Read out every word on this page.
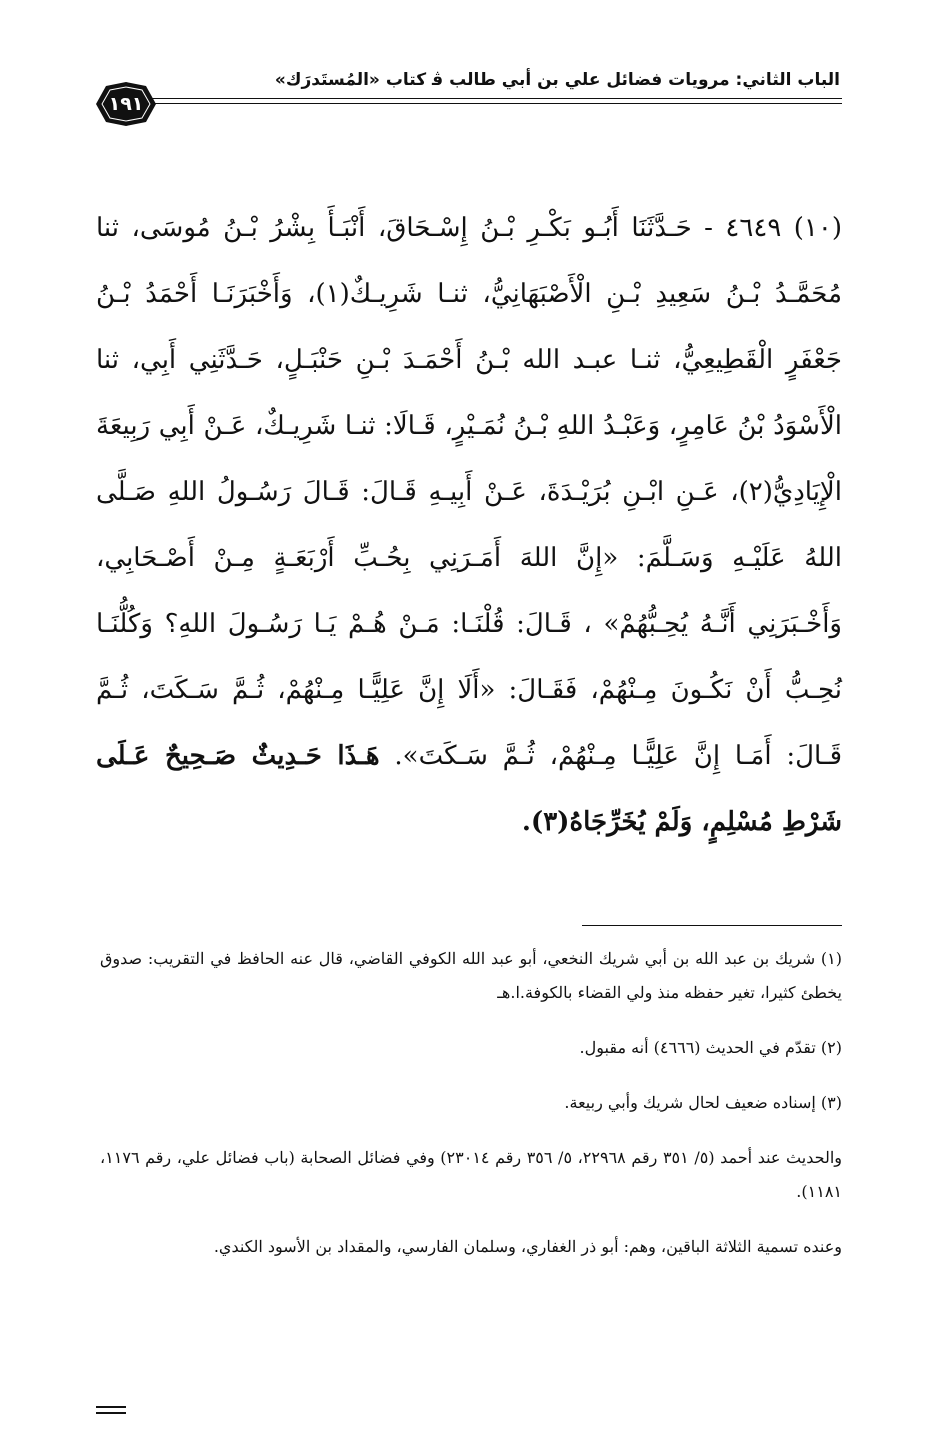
الباب الثاني: مرويات فضائل علي بن أبي طالب ﭬ كتاب «المُستَدرَك»
١٩١
(١٠) ٤٦٤٩ - حَـدَّثَنَا أَبُـو بَكْـرِ بْـنُ إِسْـحَاقَ، أَنْبَـأَ بِشْرُ بْـنُ مُوسَى، ثنا مُحَمَّـدُ بْـنُ سَعِيدِ بْـنِ الْأَصْبَهَانِيُّ، ثنـا شَرِيـكٌ(١)، وَأَخْبَرَنَـا أَحْمَدُ بْـنُ جَعْفَرٍ الْقَطِيعِيُّ، ثنـا عبـد الله بْـنُ أَحْمَـدَ بْـنِ حَنْبَـلٍ، حَـدَّثَنِي أَبِي، ثنا الْأَسْوَدُ بْنُ عَامِرٍ، وَعَبْـدُ اللهِ بْـنُ نُمَـيْرٍ، قَـالَا: ثنـا شَرِيـكٌ، عَـنْ أَبِي رَبِيعَةَ الْإِيَادِيُّ(٢)، عَـنِ ابْـنِ بُرَيْـدَةَ، عَـنْ أَبِيـهِ قَـالَ: قَـالَ رَسُـولُ اللهِ صَـلَّى اللهُ عَلَيْـهِ وَسَـلَّمَ: «إِنَّ اللهَ أَمَـرَنِي بِحُـبِّ أَرْبَعَـةٍ مِـنْ أَصْـحَابِي، وَأَخْـبَرَنِي أَنَّـهُ يُحِـبُّهُمْ» ، قَـالَ: قُلْنَـا: مَـنْ هُـمْ يَـا رَسُـولَ اللهِ؟ وَكُلُّنَـا نُحِـبُّ أَنْ نَكُـونَ مِـنْهُمْ، فَقَـالَ: «أَلَا إِنَّ عَلِيًّـا مِـنْهُمْ، ثُـمَّ سَـكَتَ، ثُـمَّ قَـالَ: أَمَـا إِنَّ عَلِيًّـا مِـنْهُمْ، ثُـمَّ سَـكَتَ». هَـذَا حَـدِيثٌ صَـحِيحٌ عَـلَى شَرْطِ مُسْلِمٍ، وَلَمْ يُخَرِّجَاهُ(٣).

(١) شريك بن عبد الله بن أبي شريك النخعي، أبو عبد الله الكوفي القاضي، قال عنه الحافظ في التقريب: صدوق يخطئ كثيرا، تغير حفظه منذ ولي القضاء بالكوفة.ا.هـ

(٢) تقدّم في الحديث (٤٦٦٦) أنه مقبول.

(٣) إسناده ضعيف لحال شريك وأبي ربيعة.

والحديث عند أحمد (٥/ ٣٥١ رقم ٢٢٩٦٨، ٥/ ٣٥٦ رقم ٢٣٠١٤) وفي فضائل الصحابة (باب فضائل علي، رقم ١١٧٦، ١١٨١).

وعنده تسمية الثلاثة الباقين، وهم: أبو ذر الغفاري، وسلمان الفارسي، والمقداد بن الأسود الكندي.
